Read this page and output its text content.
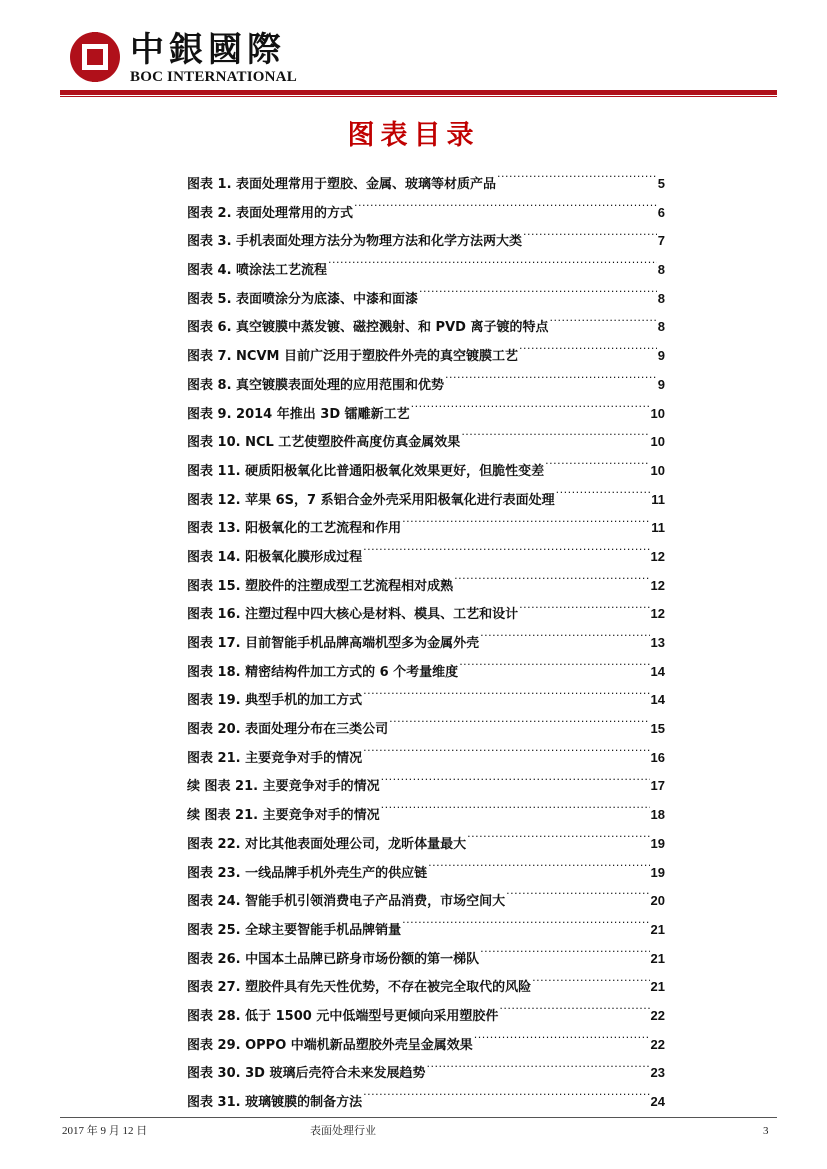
中銀國際
BOC INTERNATIONAL
图表目录
图表 1. 表面处理常用于塑胶、金属、玻璃等材质产品 .....	5
图表 2. 表面处理常用的方式 .....	6
图表 3. 手机表面处理方法分为物理方法和化学方法两大类 .....	7
图表 4. 喷涂法工艺流程 .....	8
图表 5. 表面喷涂分为底漆、中漆和面漆 .....	8
图表 6. 真空镀膜中蒸发镀、磁控溅射、和 PVD 离子镀的特点 .....	8
图表 7. NCVM 目前广泛用于塑胶件外壳的真空镀膜工艺 .....	9
图表 8. 真空镀膜表面处理的应用范围和优势 .....	9
图表 9. 2014 年推出 3D 镭雕新工艺 .....	10
图表 10. NCL 工艺使塑胶件高度仿真金属效果 .....	10
图表 11. 硬质阳极氧化比普通阳极氧化效果更好，但脆性变差 .....	10
图表 12. 苹果 6S，7 系铝合金外壳采用阳极氧化进行表面处理 .....	11
图表 13. 阳极氧化的工艺流程和作用 .....	11
图表 14. 阳极氧化膜形成过程 .....	12
图表 15. 塑胶件的注塑成型工艺流程相对成熟 .....	12
图表 16. 注塑过程中四大核心是材料、模具、工艺和设计 .....	12
图表 17. 目前智能手机品牌高端机型多为金属外壳 .....	13
图表 18. 精密结构件加工方式的 6 个考量维度 .....	14
图表 19. 典型手机的加工方式 .....	14
图表 20. 表面处理分布在三类公司 .....	15
图表 21. 主要竞争对手的情况 .....	16
续 图表 21. 主要竞争对手的情况 .....	17
续 图表 21. 主要竞争对手的情况 .....	18
图表 22. 对比其他表面处理公司，龙昕体量最大 .....	19
图表 23. 一线品牌手机外壳生产的供应链 .....	19
图表 24. 智能手机引领消费电子产品消费，市场空间大 .....	20
图表 25. 全球主要智能手机品牌销量 .....	21
图表 26. 中国本土品牌已跻身市场份额的第一梯队 .....	21
图表 27. 塑胶件具有先天性优势，不存在被完全取代的风险 .....	21
图表 28. 低于 1500 元中低端型号更倾向采用塑胶件 .....	22
图表 29. OPPO 中端机新品塑胶外壳呈金属效果 .....	22
图表 30. 3D 玻璃后壳符合未来发展趋势 .....	23
图表 31. 玻璃镀膜的制备方法 .....	24
2017 年 9 月 12 日	表面处理行业	3
